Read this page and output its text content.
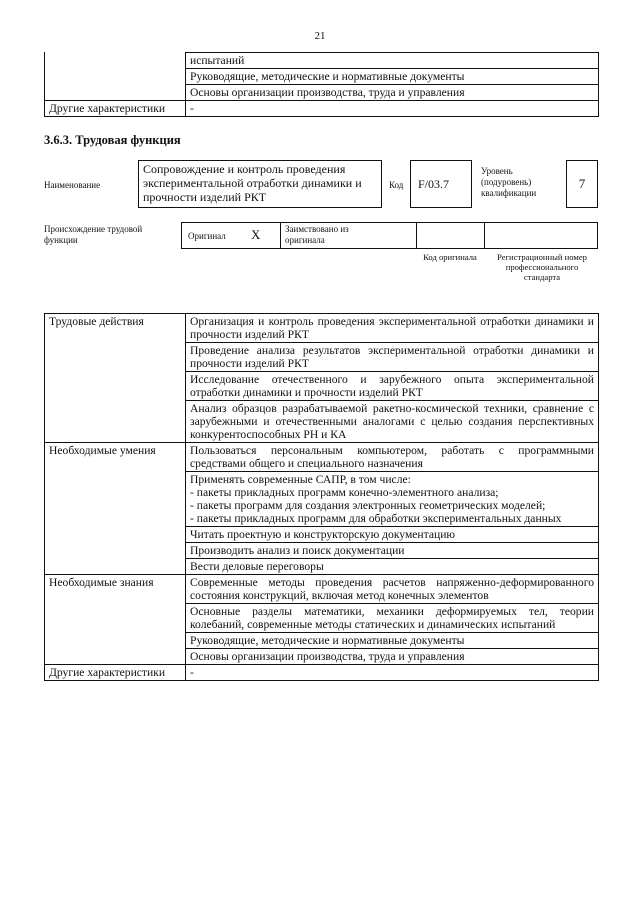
21
	испытаний
	Руководящие, методические и нормативные документы
	Основы организации производства, труда и управления
Другие характеристики	-
3.6.3. Трудовая функция
Наименование
Сопровождение и контроль проведения экспериментальной отработки динамики и прочности изделий РКТ
Код F/03.7
Уровень (подуровень) квалификации
7
Происхождение трудовой функции	Оригинал X	Заимствовано из оригинала
Код оригинала	Регистрационный номер профессионального стандарта
Трудовые действия	Организация и контроль проведения экспериментальной отработки динамики и прочности изделий РКТ
	Проведение анализа результатов экспериментальной отработки динамики и прочности изделий РКТ
	Исследование отечественного и зарубежного опыта экспериментальной отработки динамики и прочности изделий РКТ
	Анализ образцов разрабатываемой ракетно-космической техники, сравнение с зарубежными и отечественными аналогами с целью создания перспективных конкурентоспособных РН и КА
Необходимые умения	Пользоваться персональным компьютером, работать с программными средствами общего и специального назначения
	Применять современные САПР, в том числе:
- пакеты прикладных программ конечно-элементного анализа;
- пакеты программ для создания электронных геометрических моделей;
- пакеты прикладных программ для обработки экспериментальных данных
	Читать проектную и конструкторскую документацию
	Производить анализ и поиск документации
	Вести деловые переговоры
Необходимые знания	Современные методы проведения расчетов напряженно-деформированного состояния конструкций, включая метод конечных элементов
	Основные разделы математики, механики деформируемых тел, теории колебаний, современные методы статических и динамических испытаний
	Руководящие, методические и нормативные документы
	Основы организации производства, труда и управления
Другие характеристики	-
